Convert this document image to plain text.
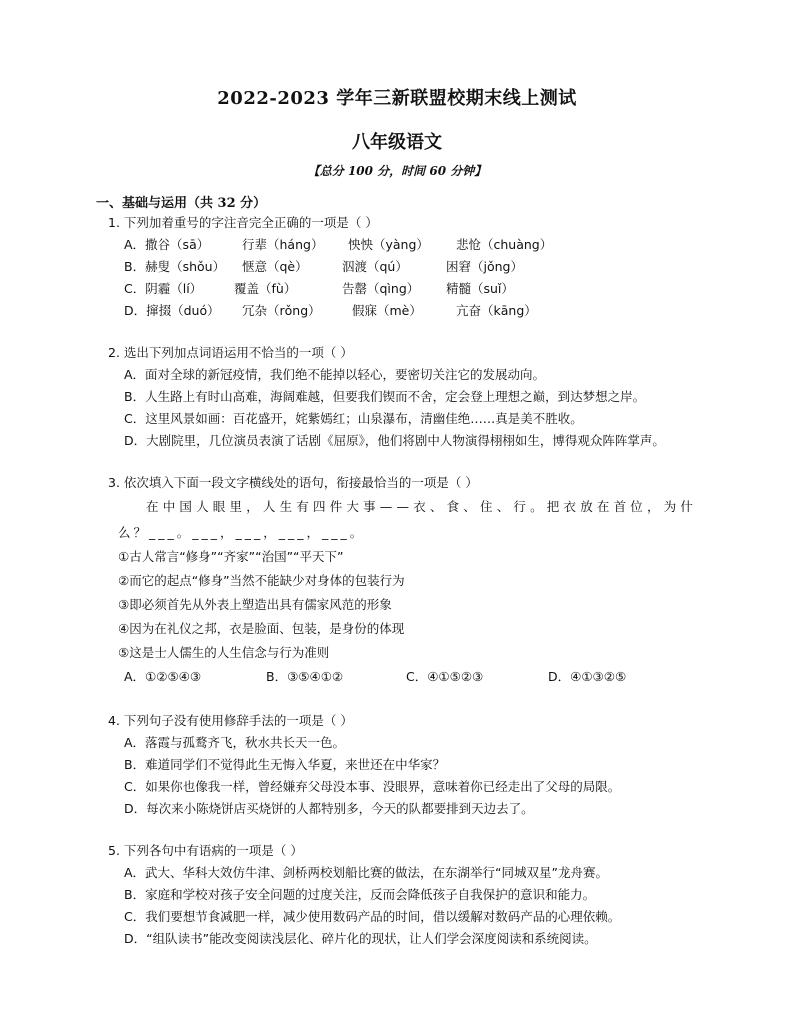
2022-2023 学年三新联盟校期末线上测试
八年级语文
【总分 100 分，时间 60 分钟】
一、基础与运用（共 32 分）
1. 下列加着重号的字注音完全正确的一项是（ ）
A．撒谷（sā）	行辈（háng） 怏怏（yàng） 悲怆（chuàng）
B．赫叟（shǒu） 惬意（qè）	泅渡（qú）	困窘（jǒng）
C．阴霾（lí）	覆盖（fù）	告罄（qìng） 精髓（suǐ）
D．撺掇（duó） 冗杂（rǒng）	假寐（mè）	亢奋（kāng）
2. 选出下列加点词语运用不恰当的一项（ ）
A．面对全球的新冠疫情，我们绝不能掉以轻心，要密切关注它的发展动向。
B．人生路上有时山高难，海阔难越，但要我们锲而不舍，定会登上理想之巅，到达梦想之岸。
C．这里风景如画：百花盛开，姹紫嫣红；山泉瀑布，清幽佳绝……真是美不胜收。
D．大剧院里，几位演员表演了话剧《屈原》，他们将剧中人物演得栩栩如生，博得观众阵阵掌声。
3. 依次填入下面一段文字横线处的语句，衔接最恰当的一项是（ ）
在中国人眼里，人生有四件大事——衣、食、住、行。把衣放在首位，为什
么？___。___，___，___，___。
①古人常言“修身”“齐家”“治国”“平天下”
②而它的起点“修身”当然不能缺少对身体的包装行为
③即必须首先从外表上塑造出具有儒家风范的形象
④因为在礼仪之邦，衣是脸面、包装，是身份的体现
⑤这是士人儒生的人生信念与行为准则
A．①②⑤④③	B．③⑤④①②	C．④①⑤②③	D．④①③②⑤
4. 下列句子没有使用修辞手法的一项是（ ）
A．落霞与孤鹜齐飞，秋水共长天一色。
B．难道同学们不觉得此生无悔入华夏，来世还在中华家？
C．如果你也像我一样，曾经嫌弃父母没本事、没眼界，意味着你已经走出了父母的局限。
D．每次来小陈烧饼店买烧饼的人都特别多，今天的队都要排到天边去了。
5. 下列各句中有语病的一项是（ ）
A．武大、华科大效仿牛津、剑桥两校划船比赛的做法，在东湖举行“同城双星”龙舟赛。
B．家庭和学校对孩子安全问题的过度关注，反而会降低孩子自我保护的意识和能力。
C．我们要想节食减肥一样，减少使用数码产品的时间，借以缓解对数码产品的心理依赖。
D．“组队读书”能改变阅读浅层化、碎片化的现状，让人们学会深度阅读和系统阅读。
